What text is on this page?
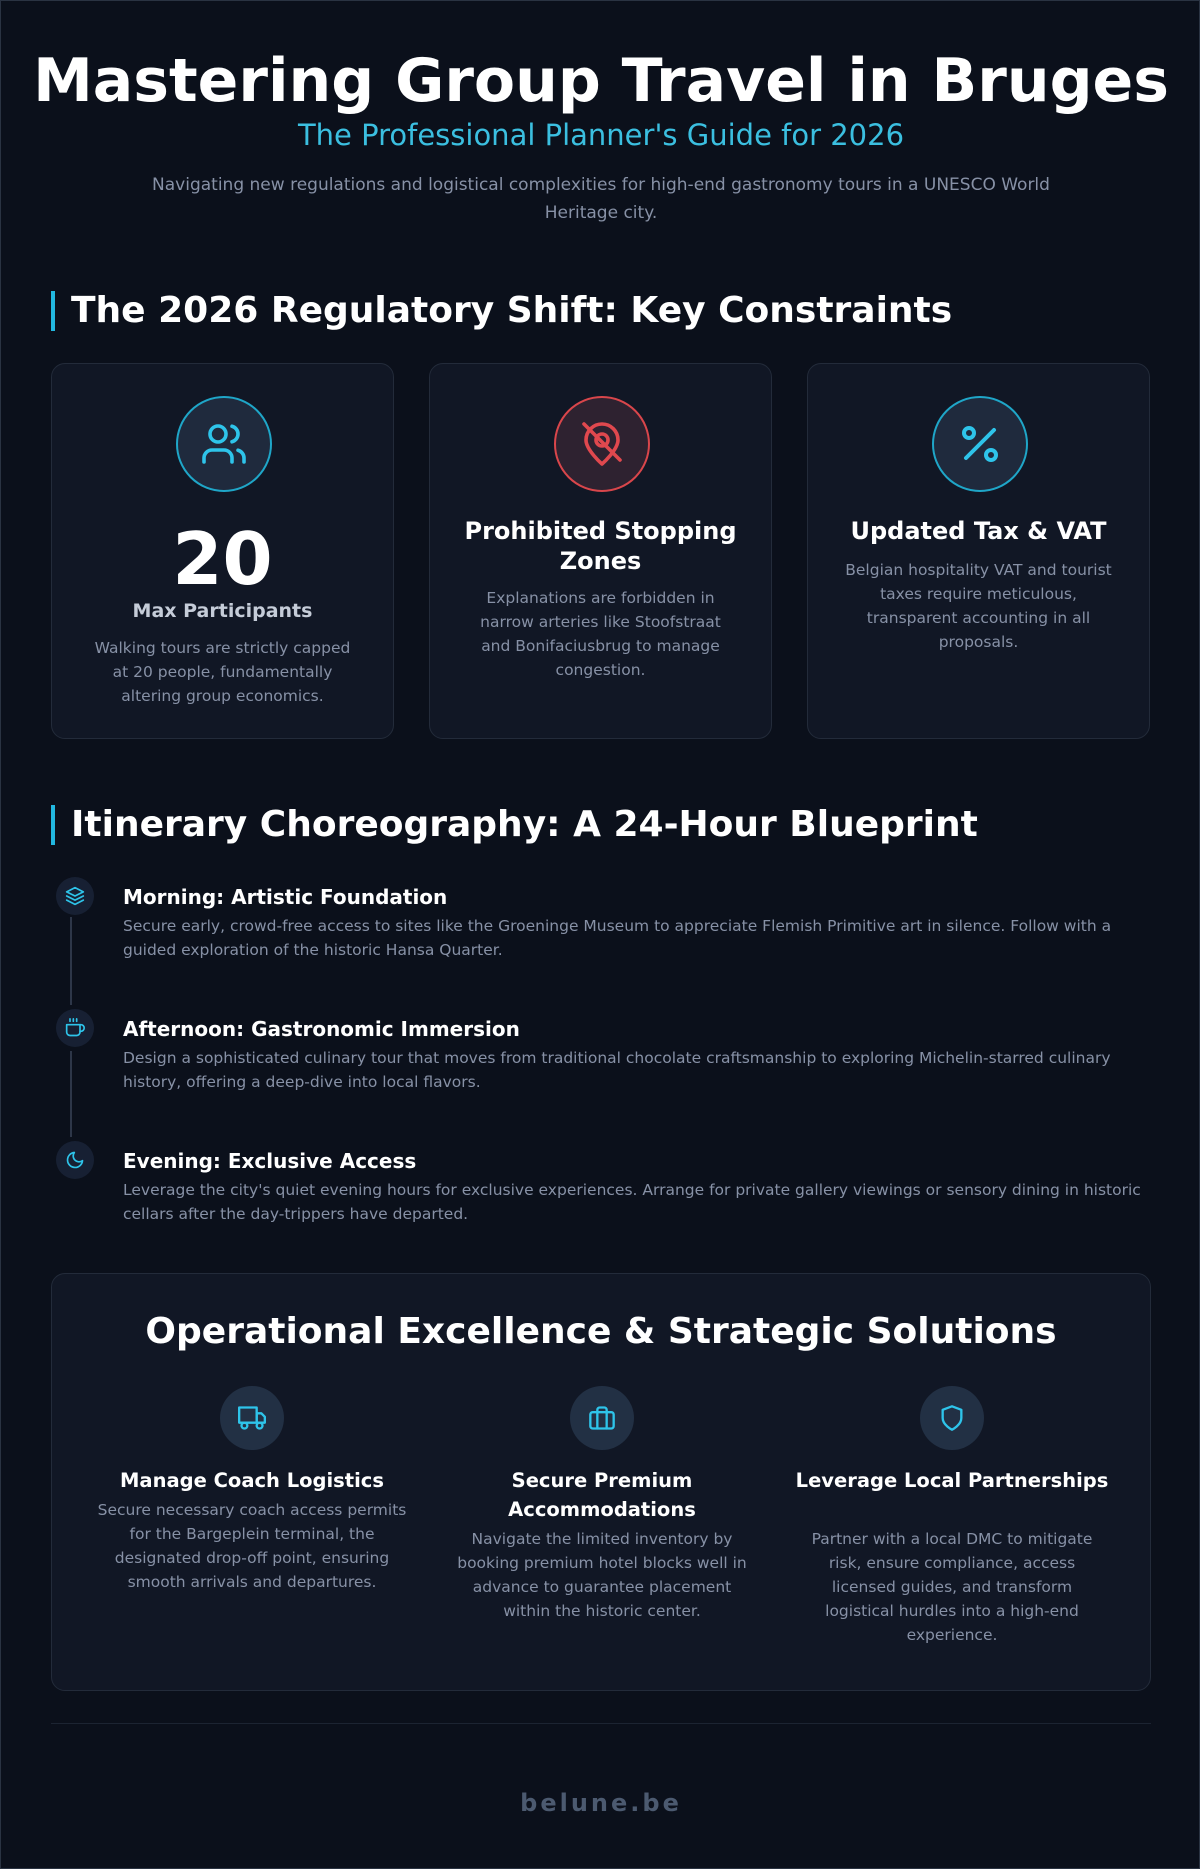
Mastering Group Travel in Bruges
The Professional Planner's Guide for 2026
Navigating new regulations and logistical complexities for high-end gastronomy tours in a UNESCO World Heritage city.
The 2026 Regulatory Shift: Key Constraints
20
Max Participants
Walking tours are strictly capped at 20 people, fundamentally altering group economics.
Prohibited Stopping Zones
Explanations are forbidden in narrow arteries like Stoofstraat and Bonifaciusbrug to manage congestion.
Updated Tax & VAT
Belgian hospitality VAT and tourist taxes require meticulous, transparent accounting in all proposals.
Itinerary Choreography: A 24-Hour Blueprint
Morning: Artistic Foundation
Secure early, crowd-free access to sites like the Groeninge Museum to appreciate Flemish Primitive art in silence. Follow with a guided exploration of the historic Hansa Quarter.
Afternoon: Gastronomic Immersion
Design a sophisticated culinary tour that moves from traditional chocolate craftsmanship to exploring Michelin-starred culinary history, offering a deep-dive into local flavors.
Evening: Exclusive Access
Leverage the city's quiet evening hours for exclusive experiences. Arrange for private gallery viewings or sensory dining in historic cellars after the day-trippers have departed.
Operational Excellence & Strategic Solutions
Manage Coach Logistics
Secure necessary coach access permits for the Bargeplein terminal, the designated drop-off point, ensuring smooth arrivals and departures.
Secure Premium Accommodations
Navigate the limited inventory by booking premium hotel blocks well in advance to guarantee placement within the historic center.
Leverage Local Partnerships
Partner with a local DMC to mitigate risk, ensure compliance, access licensed guides, and transform logistical hurdles into a high-end experience.
belune.be
